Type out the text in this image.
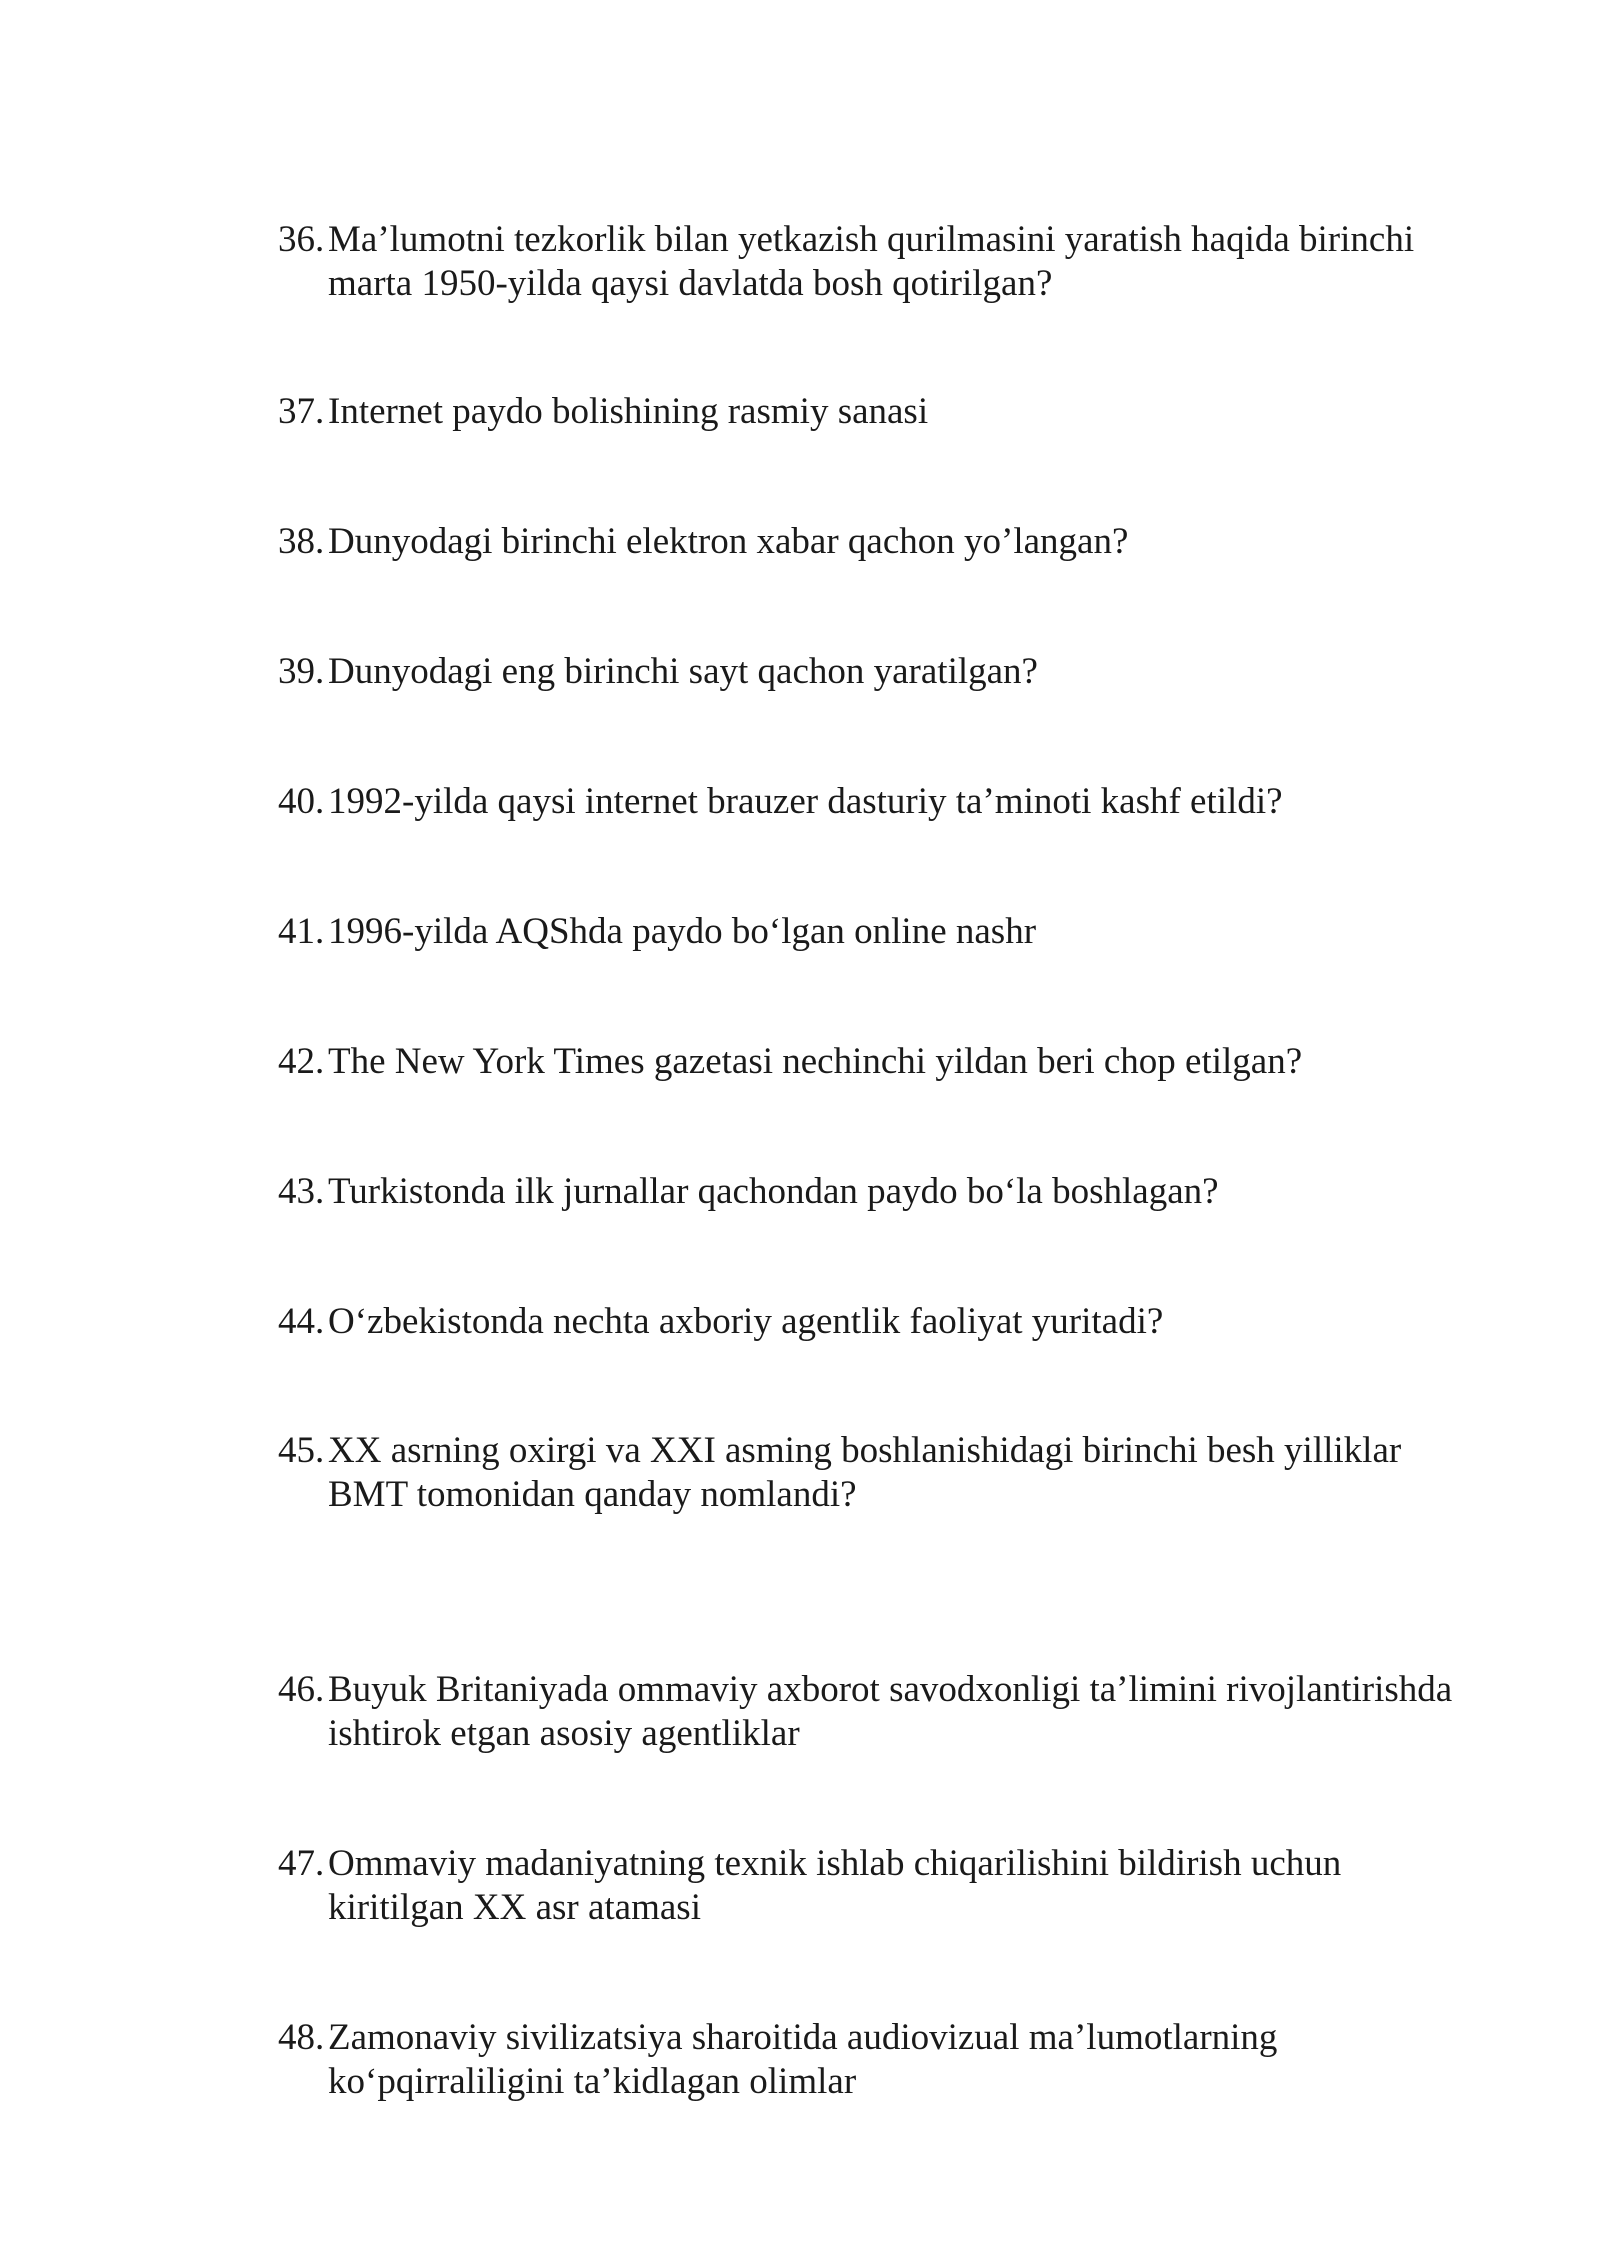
36. Ma’lumotni tezkorlik bilan yetkazish qurilmasini yaratish haqida birinchi
marta 1950-yilda qaysi davlatda bosh qotirilgan?
37. Internet paydo bolishining rasmiy sanasi
38. Dunyodagi birinchi elektron xabar qachon yo’langan?
39. Dunyodagi eng birinchi sayt qachon yaratilgan?
40. 1992-yilda qaysi internet brauzer dasturiy ta’minoti kashf etildi?
41. 1996-yilda AQShda paydo bo‘lgan online nashr
42. The New York Times gazetasi nechinchi yildan beri chop etilgan?
43. Turkistonda ilk jurnallar qachondan paydo bo‘la boshlagan?
44. O‘zbekistonda nechta axboriy agentlik faoliyat yuritadi?
45. XX asrning oxirgi va XXI asming boshlanishidagi birinchi besh yilliklar
BMT tomonidan qanday nomlandi?
46. Buyuk Britaniyada ommaviy axborot savodxonligi ta’limini rivojlantirishda
ishtirok etgan asosiy agentliklar
47. Ommaviy madaniyatning texnik ishlab chiqarilishini bildirish uchun
kiritilgan XX asr atamasi
48. Zamonaviy sivilizatsiya sharoitida audiovizual ma’lumotlarning
ko‘pqirraliligini ta’kidlagan olimlar
